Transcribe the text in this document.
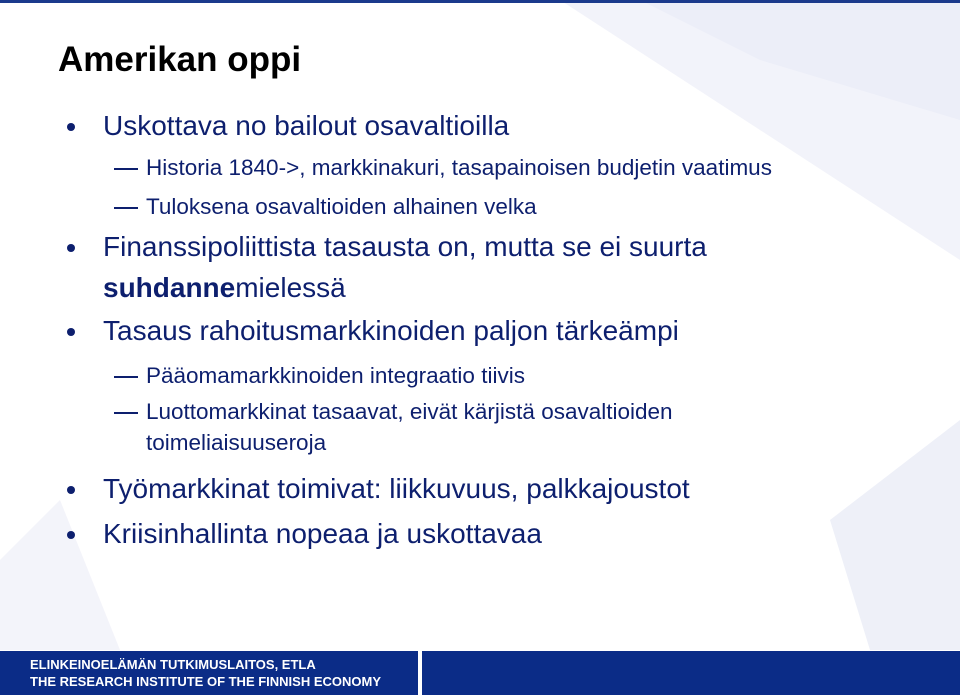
Amerikan oppi
Uskottava no bailout osavaltioilla
Historia 1840->, markkinakuri, tasapainoisen budjetin vaatimus
Tuloksena osavaltioiden alhainen velka
Finanssipoliittista tasausta on, mutta se ei suurta
suhdannemielessä
Tasaus rahoitusmarkkinoiden paljon tärkeämpi
Pääomamarkkinoiden integraatio tiivis
Luottomarkkinat tasaavat, eivät kärjistä osavaltioiden
toimeliaisuuseroja
Työmarkkinat toimivat: liikkuvuus, palkkajoustot
Kriisinhallinta nopeaa ja uskottavaa
ELINKEINOELÄMÄN TUTKIMUSLAITOS, ETLA
THE RESEARCH INSTITUTE OF THE FINNISH ECONOMY
